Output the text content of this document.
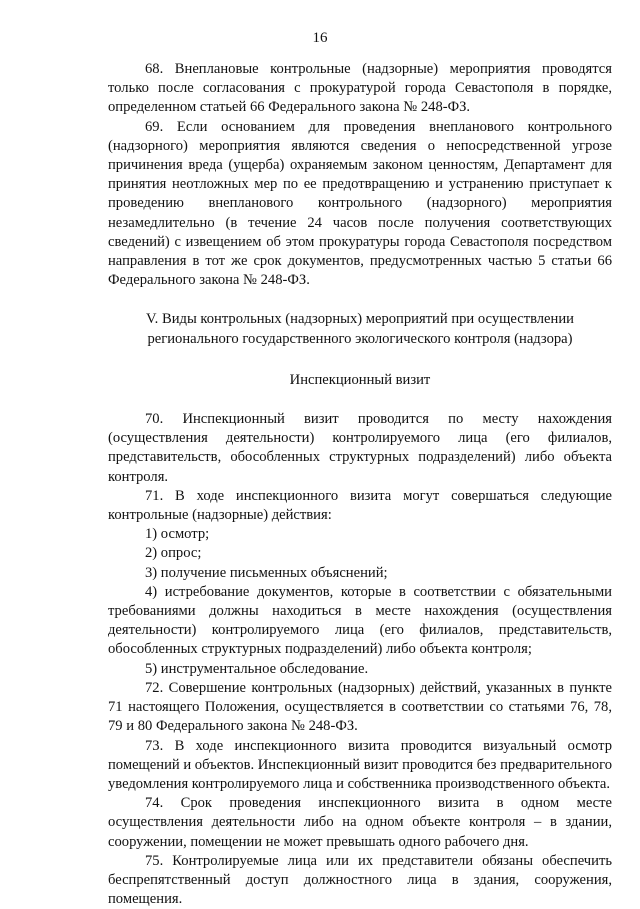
16

68. Внеплановые контрольные (надзорные) мероприятия проводятся только после согласования с прокуратурой города Севастополя в порядке, определенном статьей 66 Федерального закона № 248-ФЗ.

69. Если основанием для проведения внепланового контрольного (надзорного) мероприятия являются сведения о непосредственной угрозе причинения вреда (ущерба) охраняемым законом ценностям, Департамент для принятия неотложных мер по ее предотвращению и устранению приступает к проведению внепланового контрольного (надзорного) мероприятия незамедлительно (в течение 24 часов после получения соответствующих сведений) с извещением об этом прокуратуры города Севастополя посредством направления в тот же срок документов, предусмотренных частью 5 статьи 66 Федерального закона № 248-ФЗ.

V. Виды контрольных (надзорных) мероприятий при осуществлении регионального государственного экологического контроля (надзора)

Инспекционный визит

70. Инспекционный визит проводится по месту нахождения (осуществления деятельности) контролируемого лица (его филиалов, представительств, обособленных структурных подразделений) либо объекта контроля.

71. В ходе инспекционного визита могут совершаться следующие контрольные (надзорные) действия:

1) осмотр;

2) опрос;

3) получение письменных объяснений;

4) истребование документов, которые в соответствии с обязательными требованиями должны находиться в месте нахождения (осуществления деятельности) контролируемого лица (его филиалов, представительств, обособленных структурных подразделений) либо объекта контроля;

5) инструментальное обследование.

72. Совершение контрольных (надзорных) действий, указанных в пункте 71 настоящего Положения, осуществляется в соответствии со статьями 76, 78, 79 и 80 Федерального закона № 248-ФЗ.

73. В ходе инспекционного визита проводится визуальный осмотр помещений и объектов. Инспекционный визит проводится без предварительного уведомления контролируемого лица и собственника производственного объекта.

74. Срок проведения инспекционного визита в одном месте осуществления деятельности либо на одном объекте контроля – в здании, сооружении, помещении не может превышать одного рабочего дня.

75. Контролируемые лица или их представители обязаны обеспечить беспрепятственный доступ должностного лица в здания, сооружения, помещения.
